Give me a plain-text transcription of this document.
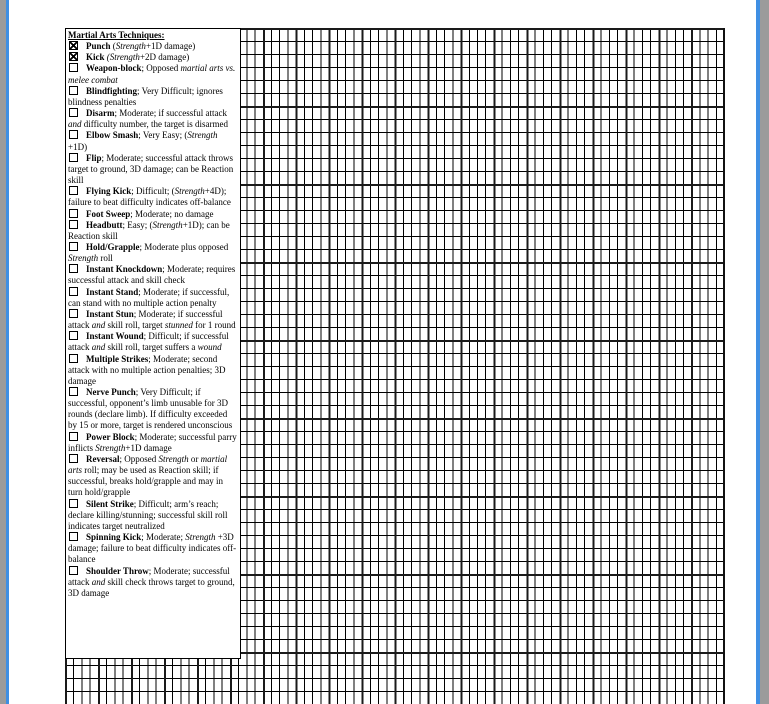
Martial Arts Techniques:
Punch (Strength+1D damage)
Kick (Strength+2D damage)
Weapon-block; Opposed martial arts vs. melee combat
Blindfighting; Very Difficult; ignores blindness penalties
Disarm; Moderate; if successful attack and difficulty number, the target is disarmed
Elbow Smash; Very Easy; (Strength +1D)
Flip; Moderate; successful attack throws target to ground, 3D damage; can be Reaction skill
Flying Kick; Difficult; (Strength+4D); failure to beat difficulty indicates off-balance
Foot Sweep; Moderate; no damage
Headbutt; Easy; (Strength+1D); can be Reaction skill
Hold/Grapple; Moderate plus opposed Strength roll
Instant Knockdown; Moderate; requires successful attack and skill check
Instant Stand; Moderate; if successful, can stand with no multiple action penalty
Instant Stun; Moderate; if successful attack and skill roll, target stunned for 1 round
Instant Wound; Difficult; if successful attack and skill roll, target suffers a wound
Multiple Strikes; Moderate; second attack with no multiple action penalties; 3D damage
Nerve Punch; Very Difficult; if successful, opponent’s limb unusable for 3D rounds (declare limb). If difficulty exceeded by 15 or more, target is rendered unconscious
Power Block; Moderate; successful parry inflicts Strength+1D damage
Reversal; Opposed Strength or martial arts roll; may be used as Reaction skill; if successful, breaks hold/grapple and may in turn hold/grapple
Silent Strike; Difficult; arm’s reach; declare killing/stunning; successful skill roll indicates target neutralized
Spinning Kick; Moderate; Strength +3D damage; failure to beat difficulty indicates off-balance
Shoulder Throw; Moderate; successful attack and skill check throws target to ground, 3D damage
